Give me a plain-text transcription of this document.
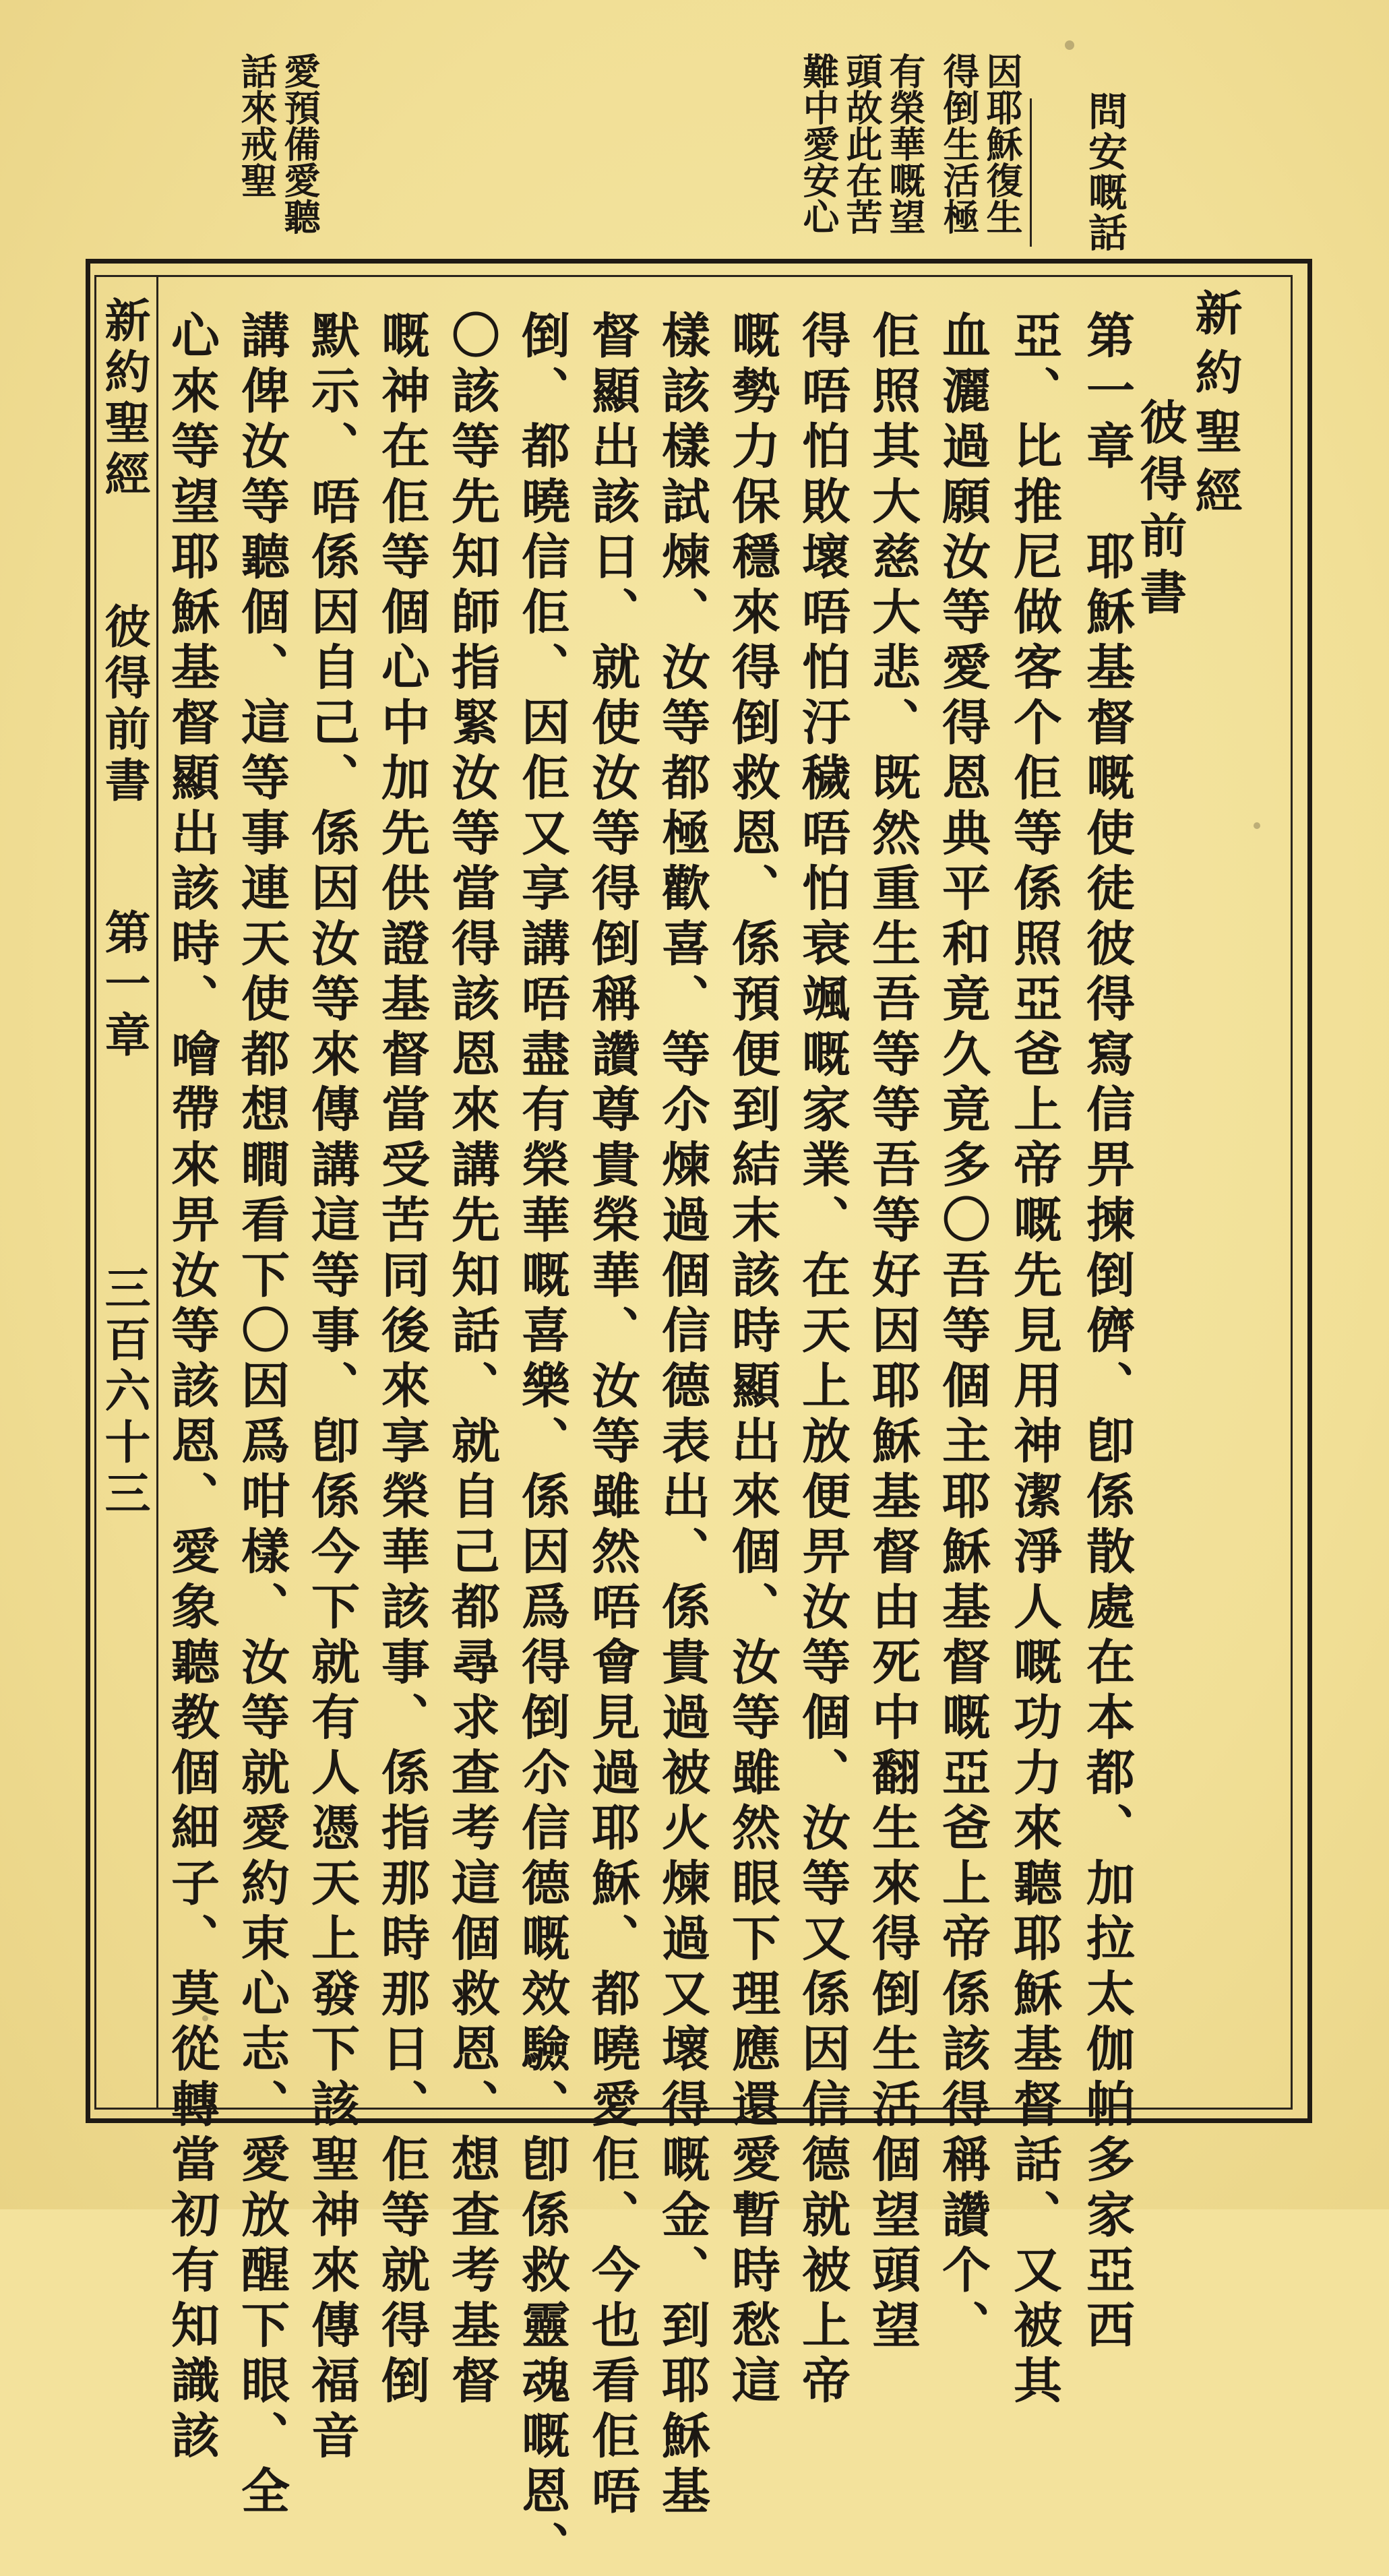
問安嘅話
因耶穌復生
得倒生活極
有榮華嘅望
頭故此在苦
難中愛安心
愛預備愛聽
話來戒聖
新約聖經
彼得前書
第一章　耶穌基督嘅使徒彼得寫信畀揀倒儕、卽係散處在本都、加拉太伽帕多家亞西
亞、比推尼做客个佢等係照亞爸上帝嘅先見用神潔淨人嘅功力來聽耶穌基督話、又被其
血灑過願汝等愛得恩典平和竟久竟多〇吾等個主耶穌基督嘅亞爸上帝係該得稱讚个、
佢照其大慈大悲、既然重生吾等等吾等好因耶穌基督由死中翻生來得倒生活個望頭望
得唔怕敗壞唔怕汙穢唔怕衰颯嘅家業、在天上放便畀汝等個、汝等又係因信德就被上帝
嘅勢力保穩來得倒救恩、係預便到結末該時顯出來個、汝等雖然眼下理應還愛暫時愁這
樣該樣試煉、汝等都極歡喜、等尒煉過個信德表出、係貴過被火煉過又壞得嘅金、到耶穌基
督顯出該日、就使汝等得倒稱讚尊貴榮華、汝等雖然唔會見過耶穌、都曉愛佢、今也看佢唔
倒、都曉信佢、因佢又享講唔盡有榮華嘅喜樂、係因爲得倒尒信德嘅效驗、卽係救靈魂嘅恩、
〇該等先知師指緊汝等當得該恩來講先知話、就自己都尋求查考這個救恩、想查考基督
嘅神在佢等個心中加先供證基督當受苦同後來享榮華該事、係指那時那日、佢等就得倒
默示、唔係因自己、係因汝等來傳講這等事、卽係今下就有人憑天上發下該聖神來傳福音
講俾汝等聽個、這等事連天使都想瞷看下〇因爲咁樣、汝等就愛約束心志、愛放醒下眼、全
心來等望耶穌基督顯出該時、噲帶來畀汝等該恩、愛象聽教個細子、莫從轉當初有知識該
新約聖經彼得前書第一章三百六十三
